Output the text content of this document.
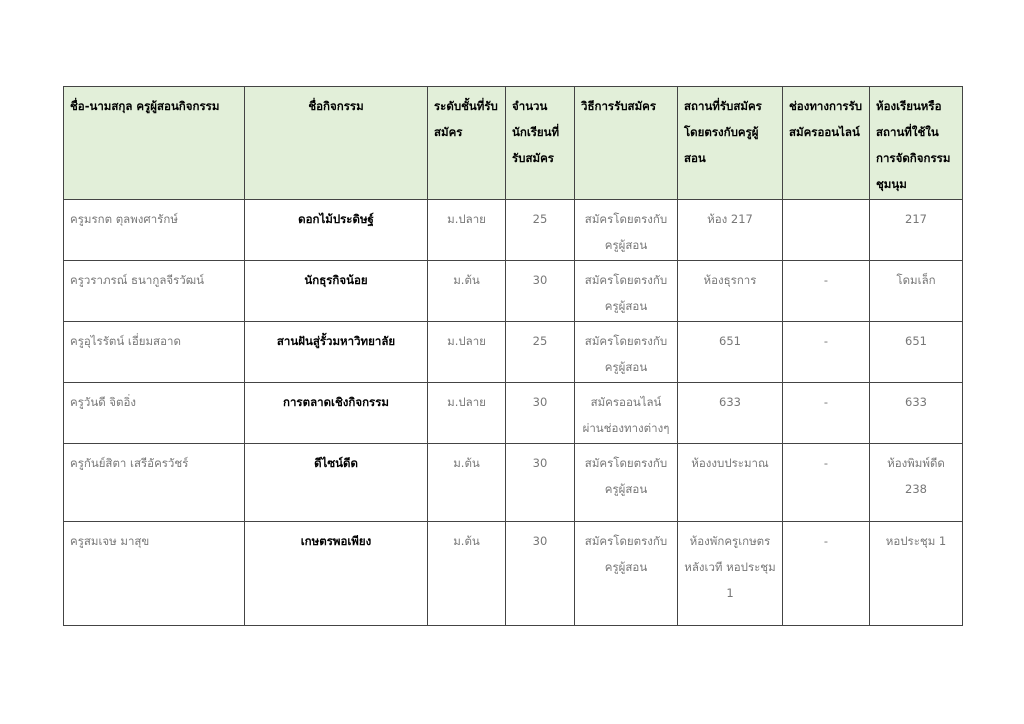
ชื่อ-นามสกุล ครูผู้สอนกิจกรรม	ชื่อกิจกรรม	ระดับชั้นที่รับสมัคร	จำนวนนักเรียนที่รับสมัคร	วิธีการรับสมัคร	สถานที่รับสมัครโดยตรงกับครูผู้สอน	ช่องทางการรับสมัครออนไลน์	ห้องเรียนหรือสถานที่ใช้ในการจัดกิจกรรมชุมนุม
ครูมรกต ตุลพงศารักษ์	ดอกไม้ประดิษฐ์	ม.ปลาย	25	สมัครโดยตรงกับครูผู้สอน	ห้อง 217		217
ครูวราภรณ์ ธนากูลจีรวัฒน์	นักธุรกิจน้อย	ม.ต้น	30	สมัครโดยตรงกับครูผู้สอน	ห้องธุรการ	-	โดมเล็ก
ครูอุไรรัตน์ เอี่ยมสอาด	สานฝันสู่รั้วมหาวิทยาลัย	ม.ปลาย	25	สมัครโดยตรงกับครูผู้สอน	651	-	651
ครูวันดี จิตอิ่ง	การตลาดเชิงกิจกรรม	ม.ปลาย	30	สมัครออนไลน์ผ่านช่องทางต่างๆ	633	-	633
ครูกันย์สิตา เสรีอัครวัชร์	ดีไซน์ดีด	ม.ต้น	30	สมัครโดยตรงกับครูผู้สอน	ห้องงบประมาณ	-	ห้องพิมพ์ดีด 238
ครูสมเจษ มาสุข	เกษตรพอเพียง	ม.ต้น	30	สมัครโดยตรงกับครูผู้สอน	ห้องพักครูเกษตร หลังเวที หอประชุม 1	-	หอประชุม 1
